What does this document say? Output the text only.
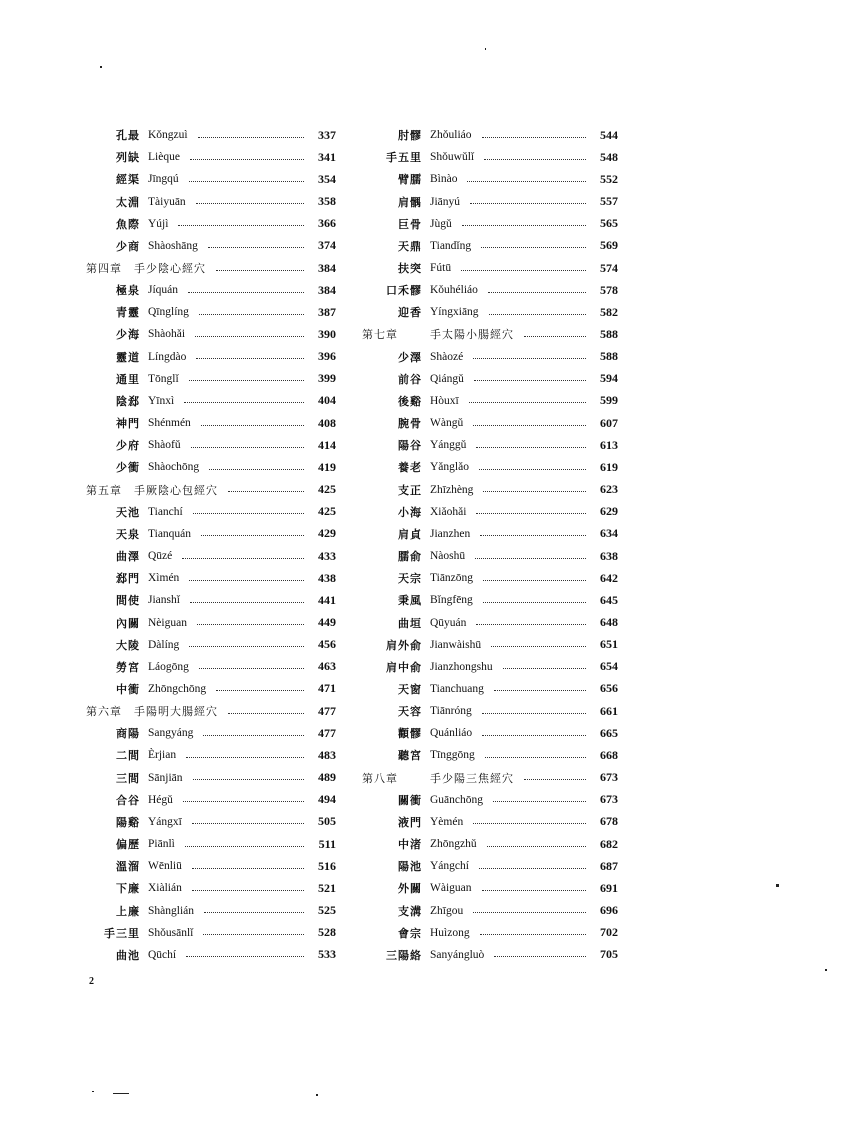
孔最 Kǒngzuì	337
列缺 Lièque	341
經渠 Jīngqú	354
太淵 Tàiyuān	358
魚際 Yújì	366
少商 Shàoshāng	374
第四章	手少陰心經穴	384
極泉 Jíquán	384
青靈 Qīnglíng	387
少海 Shàohǎi	390
靈道 Língdào	396
通里 Tōnglǐ	399
陰郄 Yīnxì	404
神門 Shénmén	408
少府 Shàofǔ	414
少衝 Shàochōng	419
第五章	手厥陰心包經穴	425
天池 Tianchí	425
天泉 Tianquán	429
曲澤 Qūzé	433
郄門 Xìmén	438
間使 Jianshǐ	441
內關 Nèiguan	449
大陵 Dàlíng	456
勞宮 Láogōng	463
中衝 Zhōngchōng	471
第六章	手陽明大腸經穴	477
商陽 Sangyáng	477
二間 Èrjian	483
三間 Sānjiān	489
合谷 Hégǔ	494
陽谿 Yángxī	505
偏歷 Piānlì	511
溫溜 Wēnliū	516
下廉 Xiàlián	521
上廉 Shànglián	525
手三里 Shǒusānlǐ	528
曲池 Qūchí	533
肘髎 Zhǒuliáo	544
手五里 Shǒuwǔlǐ	548
臂臑 Bìnào	552
肩髃 Jiānyú	557
巨骨 Jùgǔ	565
天鼎 Tiandǐng	569
扶突 Fútū	574
口禾髎 Kǒuhéliáo	578
迎香 Yíngxiāng	582
第七章	手太陽小腸經穴	588
少澤 Shàozé	588
前谷 Qiángǔ	594
後谿 Hòuxī	599
腕骨 Wàngǔ	607
陽谷 Yánggǔ	613
養老 Yǎnglǎo	619
支正 Zhīzhèng	623
小海 Xiǎohǎi	629
肩貞 Jianzhen	634
臑俞 Nàoshū	638
天宗 Tiānzōng	642
秉風 Bǐngfēng	645
曲垣 Qūyuán	648
肩外俞 Jianwàishū	651
肩中俞 Jianzhongshu	654
天窗 Tianchuang	656
天容 Tiānróng	661
顴髎 Quánliáo	665
聽宮 Tīnggōng	668
第八章	手少陽三焦經穴	673
關衝 Guānchōng	673
液門 Yèmén	678
中渚 Zhōngzhǔ	682
陽池 Yángchí	687
外關 Wàiguan	691
支溝 Zhīgou	696
會宗 Huìzong	702
三陽絡 Sanyángluò	705
2
